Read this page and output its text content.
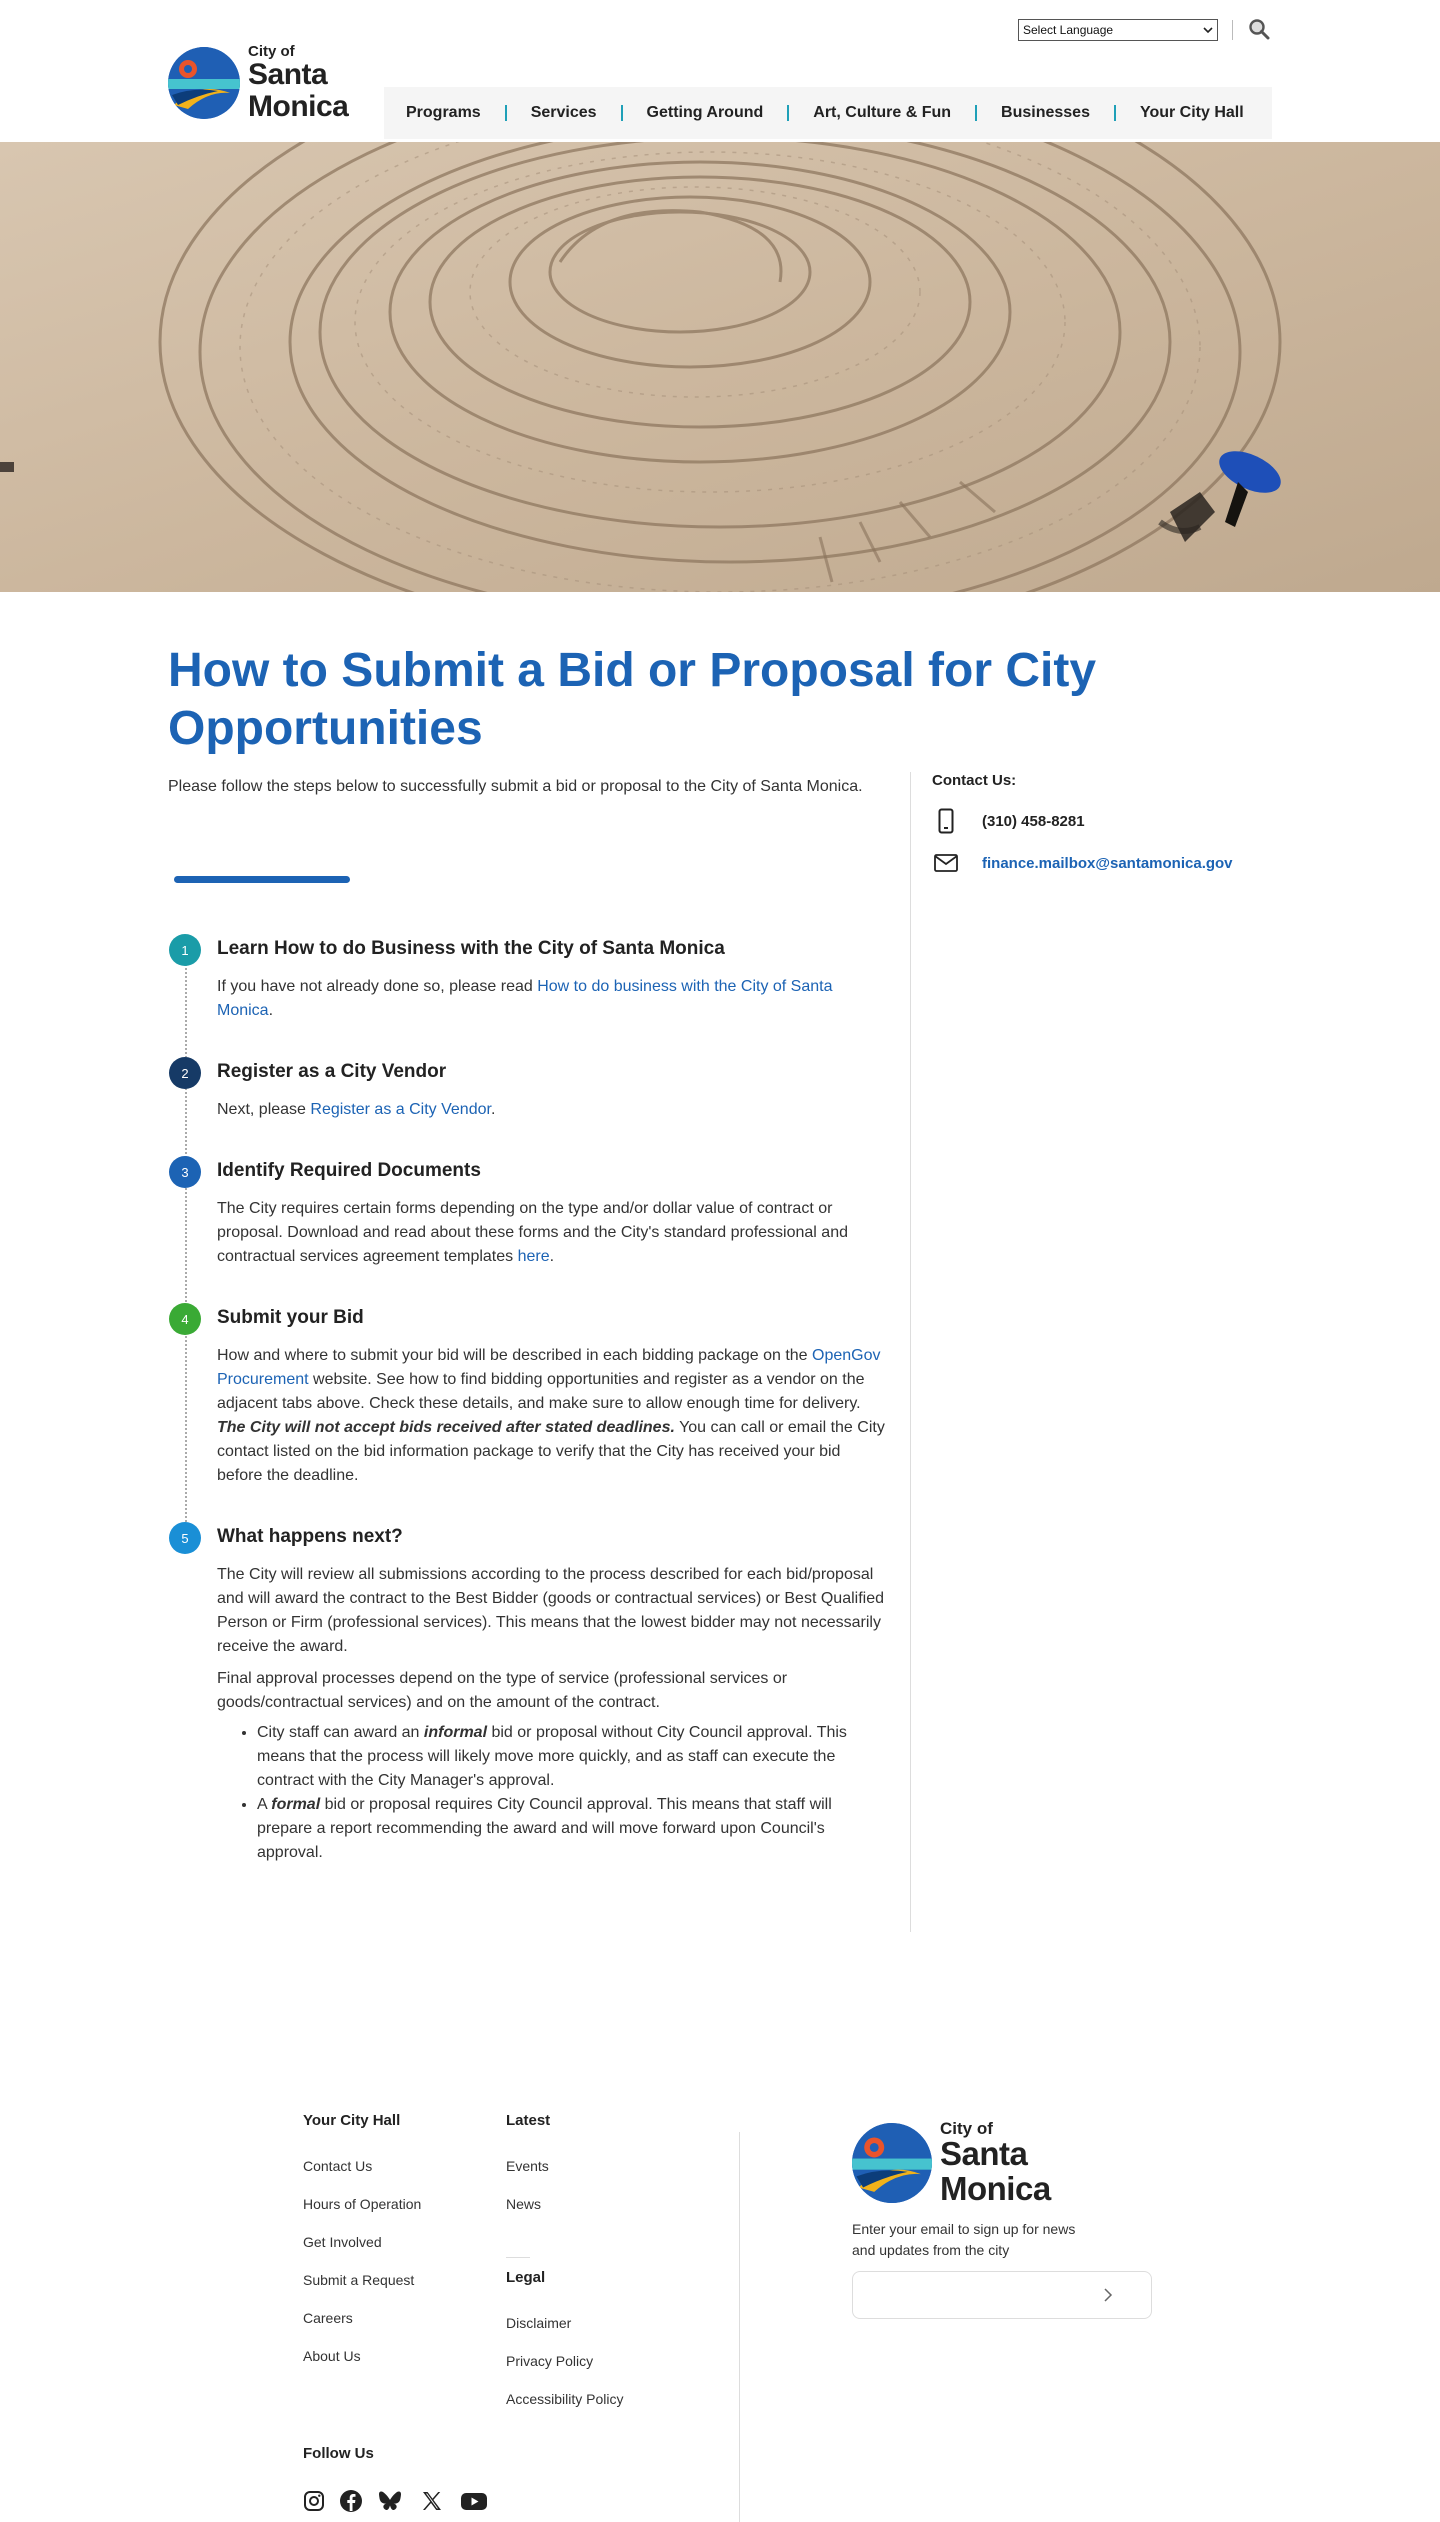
City of
Santa
Monica
Select Language
Programs	Services	Getting Around	Art, Culture & Fun	Businesses	Your City Hall
How to Submit a Bid or Proposal for City Opportunities

Please follow the steps below to successfully submit a bid or proposal to the City of Santa Monica.

1	Learn How to do Business with the City of Santa Monica

If you have not already done so, please read How to do business with the City of Santa Monica.

2	Register as a City Vendor

Next, please Register as a City Vendor.

3	Identify Required Documents

The City requires certain forms depending on the type and/or dollar value of contract or proposal. Download and read about these forms and the City's standard professional and contractual services agreement templates here.

4	Submit your Bid

How and where to submit your bid will be described in each bidding package on the OpenGov Procurement website. See how to find bidding opportunities and register as a vendor on the adjacent tabs above. Check these details, and make sure to allow enough time for delivery. The City will not accept bids received after stated deadlines. You can call or email the City contact listed on the bid information package to verify that the City has received your bid before the deadline.

5	What happens next?

The City will review all submissions according to the process described for each bid/proposal and will award the contract to the Best Bidder (goods or contractual services) or Best Qualified Person or Firm (professional services). This means that the lowest bidder may not necessarily receive the award.

Final approval processes depend on the type of service (professional services or goods/contractual services) and on the amount of the contract.

• City staff can award an informal bid or proposal without City Council approval. This means that the process will likely move more quickly, and as staff can execute the contract with the City Manager's approval.
• A formal bid or proposal requires City Council approval. This means that staff will prepare a report recommending the award and will move forward upon Council's approval.
Contact Us:
(310) 458-8281
finance.mailbox@santamonica.gov
Your City Hall
Contact Us
Hours of Operation
Get Involved
Submit a Request
Careers
About Us
Latest
Events
News
Legal
Disclaimer
Privacy Policy
Accessibility Policy
Follow Us
City of
Santa
Monica

Enter your email to sign up for news and updates from the city
